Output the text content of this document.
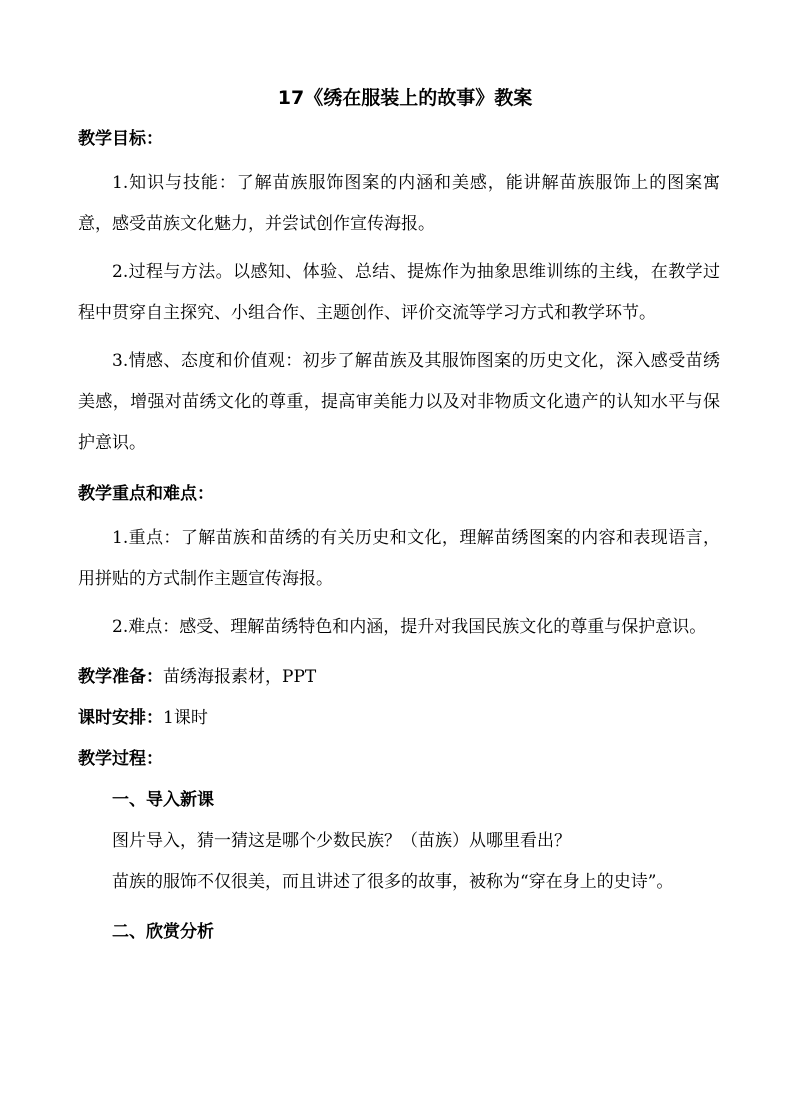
17《绣在服装上的故事》教案

教学目标：

1.知识与技能：了解苗族服饰图案的内涵和美感，能讲解苗族服饰上的图案寓意，感受苗族文化魅力，并尝试创作宣传海报。

2.过程与方法。以感知、体验、总结、提炼作为抽象思维训练的主线，在教学过程中贯穿自主探究、小组合作、主题创作、评价交流等学习方式和教学环节。

3.情感、态度和价值观：初步了解苗族及其服饰图案的历史文化，深入感受苗绣美感，增强对苗绣文化的尊重，提高审美能力以及对非物质文化遗产的认知水平与保护意识。

教学重点和难点：

1.重点：了解苗族和苗绣的有关历史和文化，理解苗绣图案的内容和表现语言，用拼贴的方式制作主题宣传海报。

2.难点：感受、理解苗绣特色和内涵，提升对我国民族文化的尊重与保护意识。

教学准备：苗绣海报素材，PPT

课时安排：1课时

教学过程：

一、导入新课

图片导入，猜一猜这是哪个少数民族？（苗族）从哪里看出？

苗族的服饰不仅很美，而且讲述了很多的故事，被称为“穿在身上的史诗”。

二、欣赏分析
